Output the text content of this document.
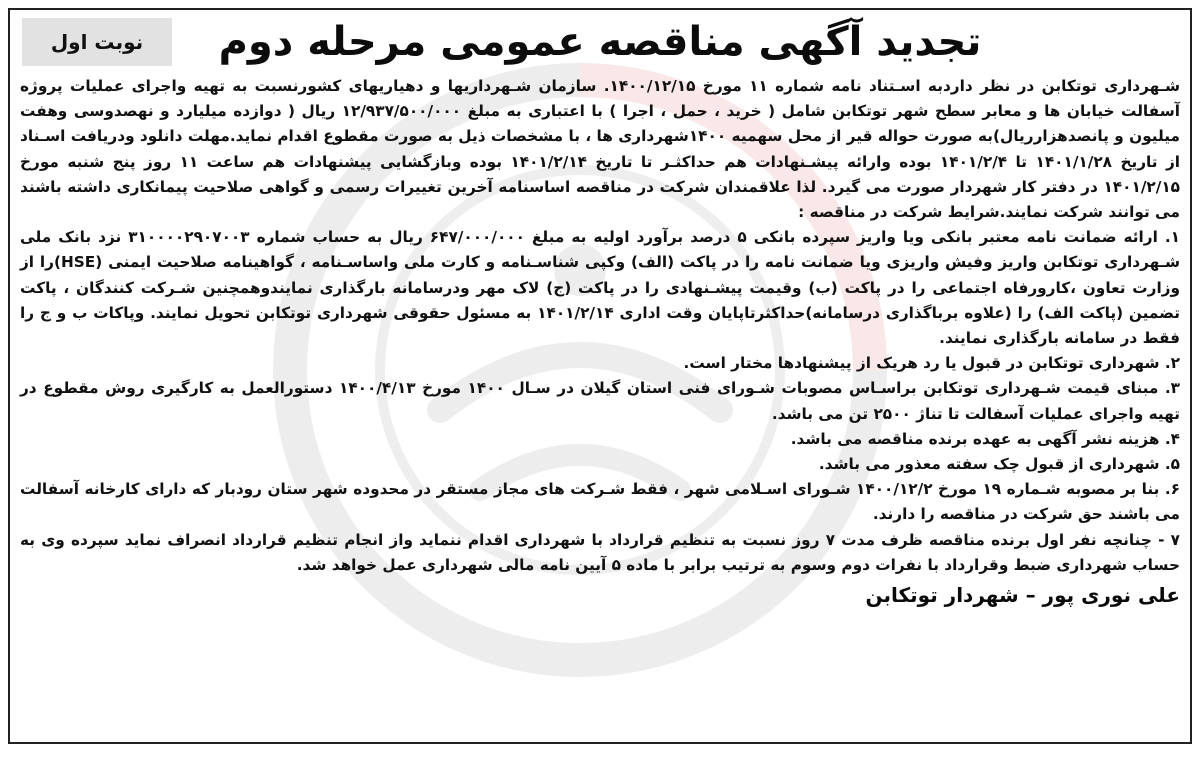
تجدید آگهی مناقصه عمومی مرحله دوم
نوبت اول

شـهرداری توتکابن در نظر داردبه اسـتناد نامه شماره ۱۱ مورخ ۱۴۰۰/۱۲/۱۵. سازمان شـهرداریها و دهیاریهای کشورنسبت به تهیه واجرای عملیات پروژه آسفالت خیابان ها و معابر سطح شهر توتکابن شامل ( خرید ، حمل ، اجرا ) با اعتباری به مبلغ ۱۲/۹۳۷/۵۰۰/۰۰۰ ریال ( دوازده میلیارد و نهصدوسی وهفت میلیون و پانصدهزارریال)به صورت حواله قیر از محل سهمیه ۱۴۰۰شهرداری ها ، با مشخصات ذیل به صورت مقطوع اقدام نماید.مهلت دانلود ودریافت اسـناد از تاریخ ۱۴۰۱/۱/۲۸ تا ۱۴۰۱/۲/۴ بوده وارائه پیشـنهادات هم حداکثـر تا تاریخ ۱۴۰۱/۲/۱۴ بوده وبازگشایی پیشنهادات هم ساعت ۱۱ روز پنج شنبه مورخ ۱۴۰۱/۲/۱۵ در دفتر کار شهردار صورت می گیرد. لذا علاقمندان شرکت در مناقصه اساسنامه آخرین تغییرات رسمی و گواهی صلاحیت پیمانکاری داشته باشند می توانند شرکت نمایند.شرایط شرکت در مناقصه :

۱. ارائه ضمانت نامه معتبر بانکی ویا واریز سپرده بانکی ۵ درصد برآورد اولیه به مبلغ ۶۴۷/۰۰۰/۰۰۰ ریال به حساب شماره ۳۱۰۰۰۰۲۹۰۷۰۰۳ نزد بانک ملی شـهرداری توتکابن واریز وفیش واریزی ویا ضمانت نامه را در پاکت (الف) وکپی شناسـنامه و کارت ملی واساسـنامه ، گواهینامه صلاحیت ایمنی (HSE)را از وزارت تعاون ،کارورفاه اجتماعی را در پاکت (ب) وقیمت پیشـنهادی را در پاکت (ج) لاک مهر ودرسامانه بارگذاری نمایندوهمچنین شـرکت کنندگان ، پاکت تضمین (پاکت الف) را (علاوه برباگذاری درسامانه)حداکثرتاپایان وقت اداری ۱۴۰۱/۲/۱۴ به مسئول حقوقی شهرداری توتکابن تحویل نمایند. وپاکات ب و ج را فقط در سامانه بارگذاری نمایند.

۲. شهرداری توتکابن در قبول یا رد هریک از پیشنهادها مختار است.

۳. مبنای قیمت شـهرداری توتکابن براسـاس مصوبات شـورای فنی استان گیلان در سـال ۱۴۰۰ مورخ ۱۴۰۰/۴/۱۳ دستورالعمل به کارگیری روش مقطوع در تهیه واجرای عملیات آسفالت تا تناژ ۲۵۰۰ تن می باشد.

۴. هزینه نشر آگهی به عهده برنده مناقصه می باشد.

۵. شهرداری از قبول چک سفته معذور می باشد.

۶. بنا بر مصوبه شـماره ۱۹ مورخ ۱۴۰۰/۱۲/۲ شـورای اسـلامی شهر ، فقط شـرکت های مجاز مستقر در محدوده شهر ستان رودبار که دارای کارخانه آسفالت می باشند حق شرکت در مناقصه را دارند.

۷ - چنانچه نفر اول برنده مناقصه ظرف مدت ۷ روز نسبت به تنظیم قرارداد با شهرداری اقدام ننماید واز انجام تنظیم قرارداد انصراف نماید سپرده وی به حساب شهرداری ضبط وقرارداد با نفرات دوم وسوم به ترتیب برابر با ماده ۵ آیین نامه مالی شهرداری عمل خواهد شد.

علی نوری پور – شهردار توتکابن
